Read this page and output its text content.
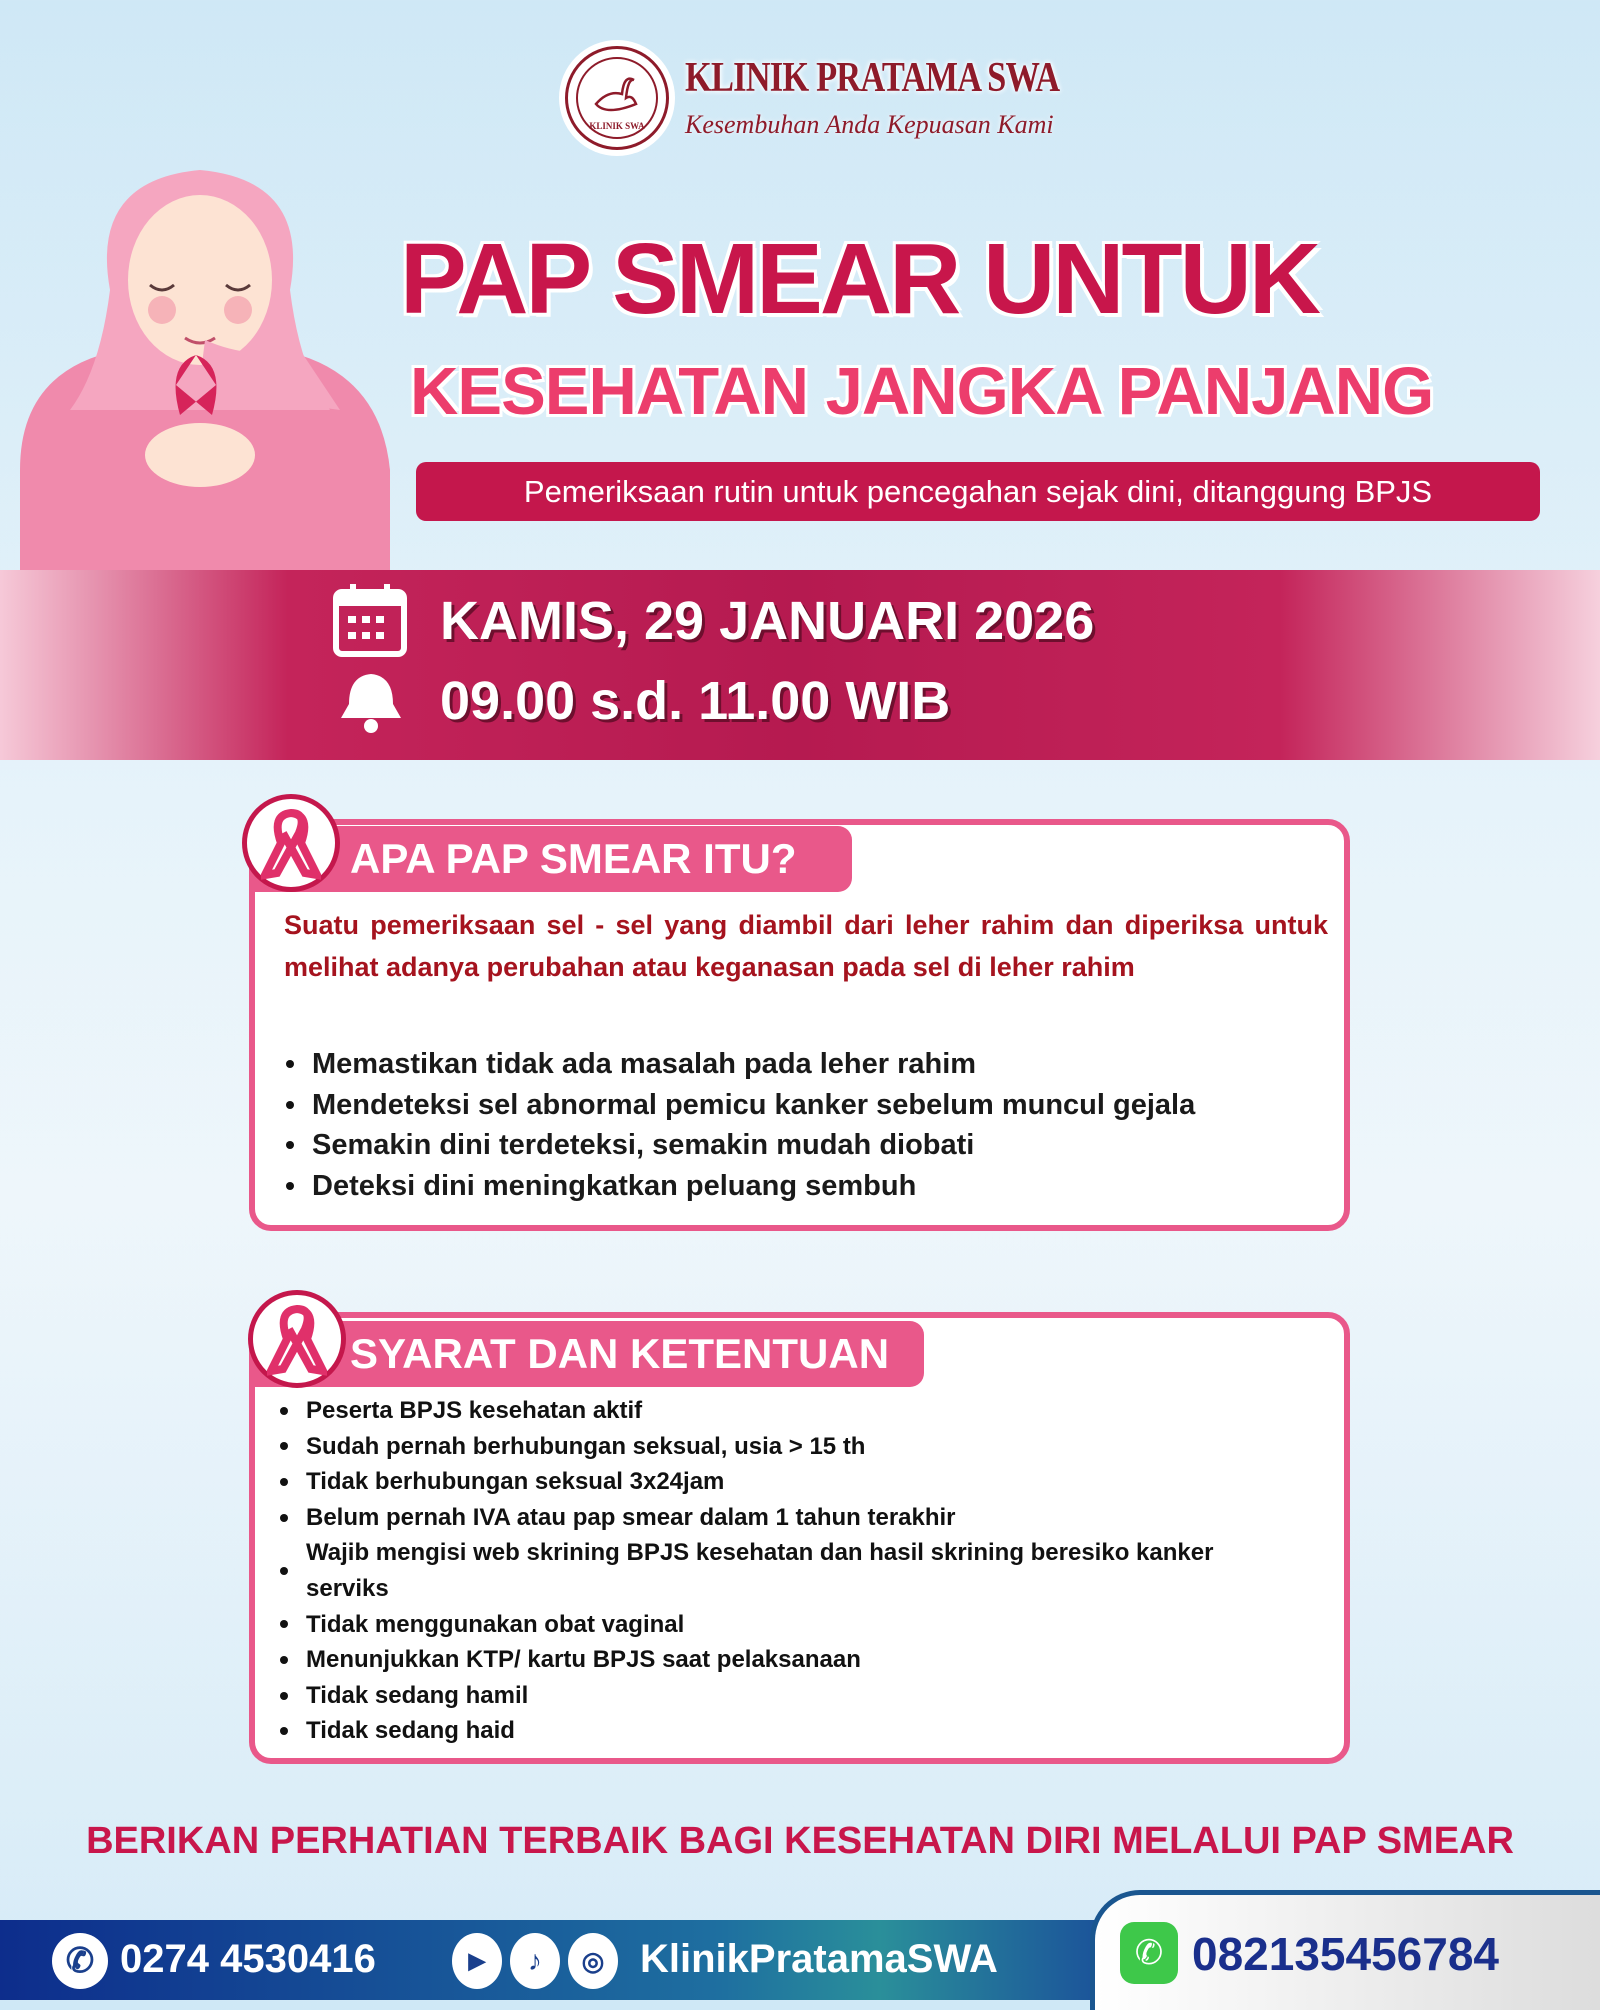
KLINIK SWA
KLINIK PRATAMA SWA
Kesembuhan Anda Kepuasan Kami
PAP SMEAR UNTUK
KESEHATAN JANGKA PANJANG
Pemeriksaan rutin untuk pencegahan sejak dini, ditanggung BPJS
KAMIS, 29 JANUARI 2026
09.00 s.d. 11.00 WIB
APA PAP SMEAR ITU?
Suatu pemeriksaan sel - sel yang diambil dari leher rahim dan diperiksa untuk melihat adanya perubahan atau keganasan pada sel di leher rahim
Memastikan tidak ada masalah pada leher rahim
Mendeteksi sel abnormal pemicu kanker sebelum muncul gejala
Semakin dini terdeteksi, semakin mudah diobati
Deteksi dini meningkatkan peluang sembuh
SYARAT DAN KETENTUAN
Peserta BPJS kesehatan aktif
Sudah pernah berhubungan seksual, usia > 15 th
Tidak berhubungan seksual 3x24jam
Belum pernah IVA atau pap smear dalam 1 tahun terakhir
Wajib mengisi web skrining BPJS kesehatan dan hasil skrining beresiko kanker serviks
Tidak menggunakan obat vaginal
Menunjukkan KTP/ kartu BPJS saat pelaksanaan
Tidak sedang hamil
Tidak sedang haid
BERIKAN PERHATIAN TERBAIK BAGI KESEHATAN DIRI MELALUI PAP SMEAR
✆ 0274 4530416	▶	♪	◎ KlinikPratamaSWA	✆ 082135456784
